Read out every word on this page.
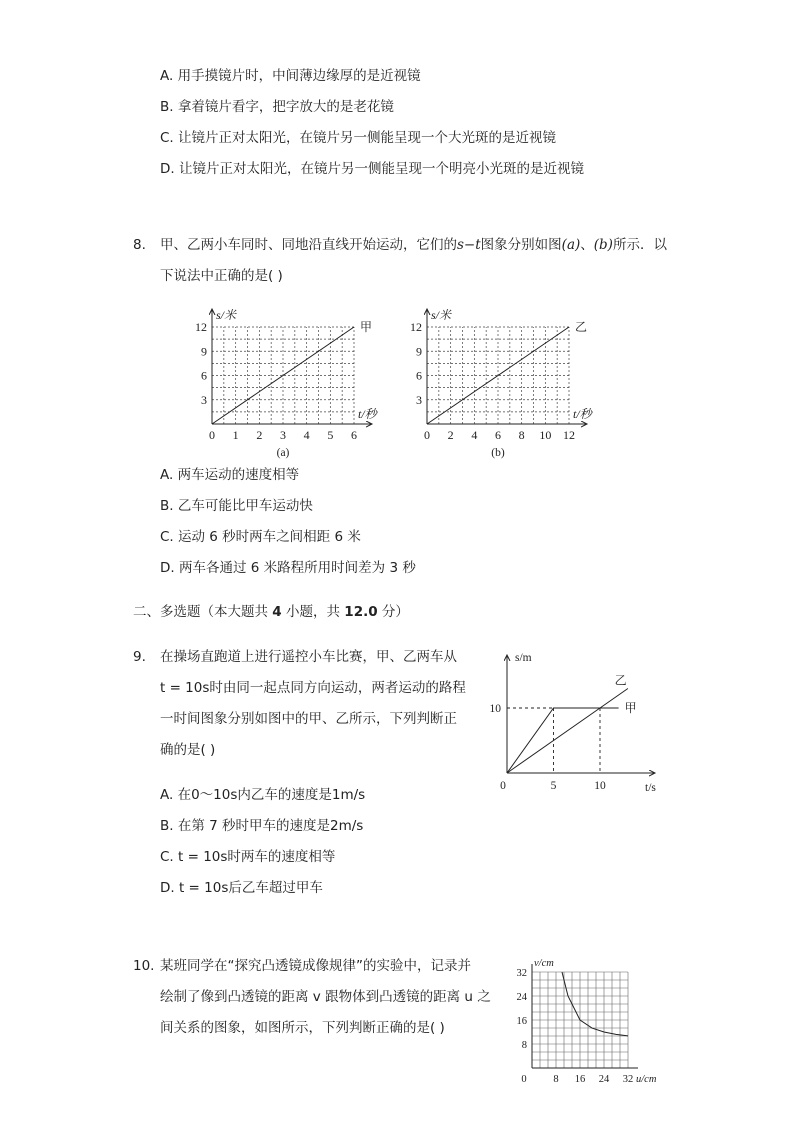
A. 用手摸镜片时，中间薄边缘厚的是近视镜
B. 拿着镜片看字，把字放大的是老花镜
C. 让镜片正对太阳光，在镜片另一侧能呈现一个大光斑的是近视镜
D. 让镜片正对太阳光，在镜片另一侧能呈现一个明亮小光斑的是近视镜
8. 甲、乙两小车同时、同地沿直线开始运动，它们的s−t图象分别如图(a)、(b)所示．以
下说法中正确的是( )
甲
0 1 2 3 4 5 6
3
6
9
12
s/米
t/秒
(a)
乙
0 2 4 6 8 10 12
3
6
9
12
s/米
t/秒
(b)
A. 两车运动的速度相等
B. 乙车可能比甲车运动快
C. 运动 6 秒时两车之间相距 6 米
D. 两车各通过 6 米路程所用时间差为 3 秒
二、多选题（本大题共 4 小题，共 12.0 分）
9. 在操场直跑道上进行遥控小车比赛，甲、乙两车从
t = 10s时由同一起点同方向运动，两者运动的路程
一时间图象分别如图中的甲、乙所示，下列判断正
确的是( )
甲
乙
10
0	5	10
s/m
t/s
A. 在0～10s内乙车的速度是1m/s
B. 在第 7 秒时甲车的速度是2m/s
C. t = 10s时两车的速度相等
D. t = 10s后乙车超过甲车
10. 某班同学在“探究凸透镜成像规律”的实验中，记录并
绘制了像到凸透镜的距离 v 跟物体到凸透镜的距离 u 之
间关系的图象，如图所示，下列判断正确的是( )
32
24
16
8
0	8 16 24 32
v/cm
u/cm
